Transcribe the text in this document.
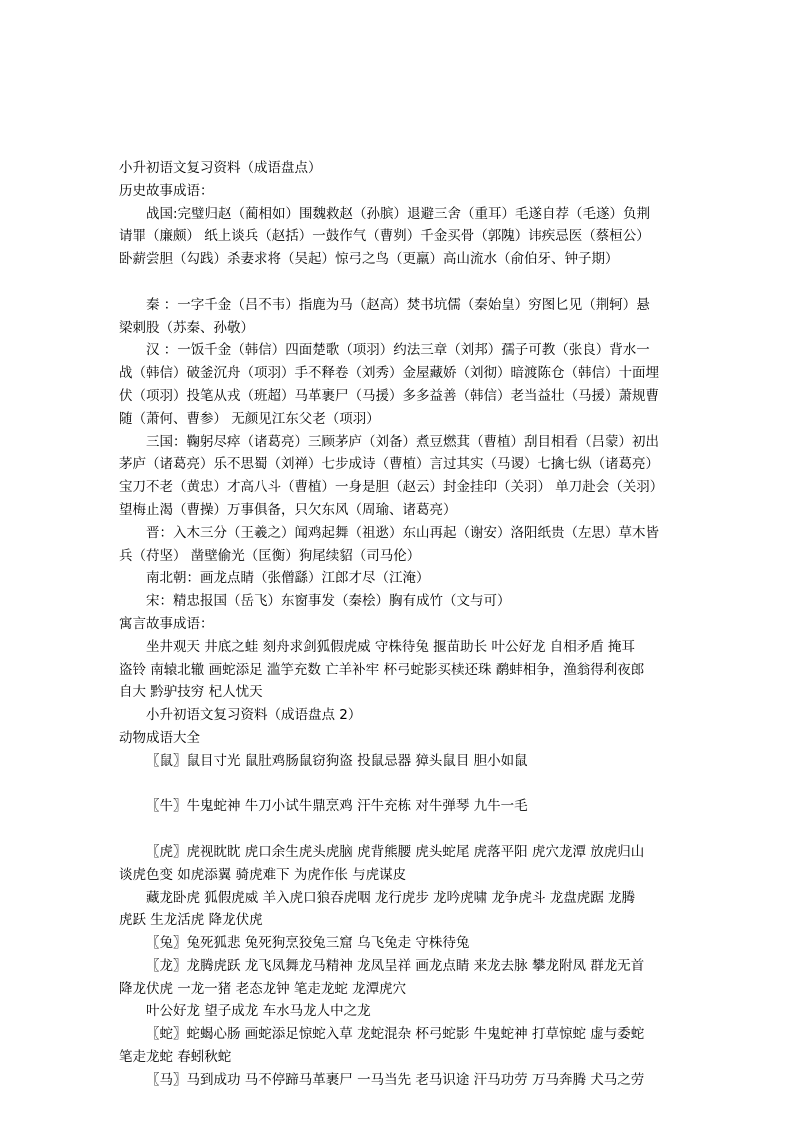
小升初语文复习资料（成语盘点）
历史故事成语：
战国:完璧归赵（蔺相如）围魏救赵（孙膑）退避三舍（重耳）毛遂自荐（毛遂）负荆
请罪（廉颇） 纸上谈兵（赵括）一鼓作气（曹刿）千金买骨（郭隗）讳疾忌医（蔡桓公）
卧薪尝胆（勾践）杀妻求将（吴起）惊弓之鸟（更羸）高山流水（俞伯牙、钟子期）
秦 ：一字千金（吕不韦）指鹿为马（赵高）焚书坑儒（秦始皇）穷图匕见（荆轲）悬
梁刺股（苏秦、孙敬）
汉 ：一饭千金（韩信）四面楚歌（项羽）约法三章（刘邦）孺子可教（张良）背水一
战（韩信）破釜沉舟（项羽）手不释卷（刘秀）金屋藏娇（刘彻）暗渡陈仓（韩信）十面埋
伏（项羽）投笔从戎（班超）马革裹尸（马援）多多益善（韩信）老当益壮（马援）萧规曹
随（萧何、曹参） 无颜见江东父老（项羽）
三国：鞠躬尽瘁（诸葛亮）三顾茅庐（刘备）煮豆燃萁（曹植）刮目相看（吕蒙）初出
茅庐（诸葛亮）乐不思蜀（刘禅）七步成诗（曹植）言过其实（马谡）七擒七纵（诸葛亮）
宝刀不老（黄忠）才高八斗（曹植）一身是胆（赵云）封金挂印（关羽） 单刀赴会（关羽）
望梅止渴（曹操）万事俱备，只欠东风（周瑜、诸葛亮）
晋：入木三分（王羲之）闻鸡起舞（祖逖）东山再起（谢安）洛阳纸贵（左思）草木皆
兵（苻坚） 凿壁偷光（匡衡）狗尾续貂（司马伦）
南北朝：画龙点睛（张僧繇）江郎才尽（江淹）
宋：精忠报国（岳飞）东窗事发（秦桧）胸有成竹（文与可）
寓言故事成语：
坐井观天 井底之蛙 刻舟求剑狐假虎威 守株待兔 揠苗助长 叶公好龙 自相矛盾 掩耳
盗铃 南辕北辙 画蛇添足 滥竽充数 亡羊补牢 杯弓蛇影买椟还珠 鹬蚌相争，渔翁得利夜郎
自大 黔驴技穷 杞人忧天
小升初语文复习资料（成语盘点 2）
动物成语大全
〖鼠〗鼠目寸光 鼠肚鸡肠鼠窃狗盗 投鼠忌器 獐头鼠目 胆小如鼠
〖牛〗牛鬼蛇神 牛刀小试牛鼎烹鸡 汗牛充栋 对牛弹琴 九牛一毛
〖虎〗虎视眈眈 虎口余生虎头虎脑 虎背熊腰 虎头蛇尾 虎落平阳 虎穴龙潭 放虎归山
谈虎色变 如虎添翼 骑虎难下 为虎作伥 与虎谋皮
藏龙卧虎 狐假虎威 羊入虎口狼吞虎咽 龙行虎步 龙吟虎啸 龙争虎斗 龙盘虎踞 龙腾
虎跃 生龙活虎 降龙伏虎
〖兔〗兔死狐悲 兔死狗烹狡兔三窟 乌飞兔走 守株待兔
〖龙〗龙腾虎跃 龙飞凤舞龙马精神 龙凤呈祥 画龙点睛 来龙去脉 攀龙附凤 群龙无首
降龙伏虎 一龙一猪 老态龙钟 笔走龙蛇 龙潭虎穴
叶公好龙 望子成龙 车水马龙人中之龙
〖蛇〗蛇蝎心肠 画蛇添足惊蛇入草 龙蛇混杂 杯弓蛇影 牛鬼蛇神 打草惊蛇 虚与委蛇
笔走龙蛇 春蚓秋蛇
〖马〗马到成功 马不停蹄马革裹尸 一马当先 老马识途 汗马功劳 万马奔腾 犬马之劳
